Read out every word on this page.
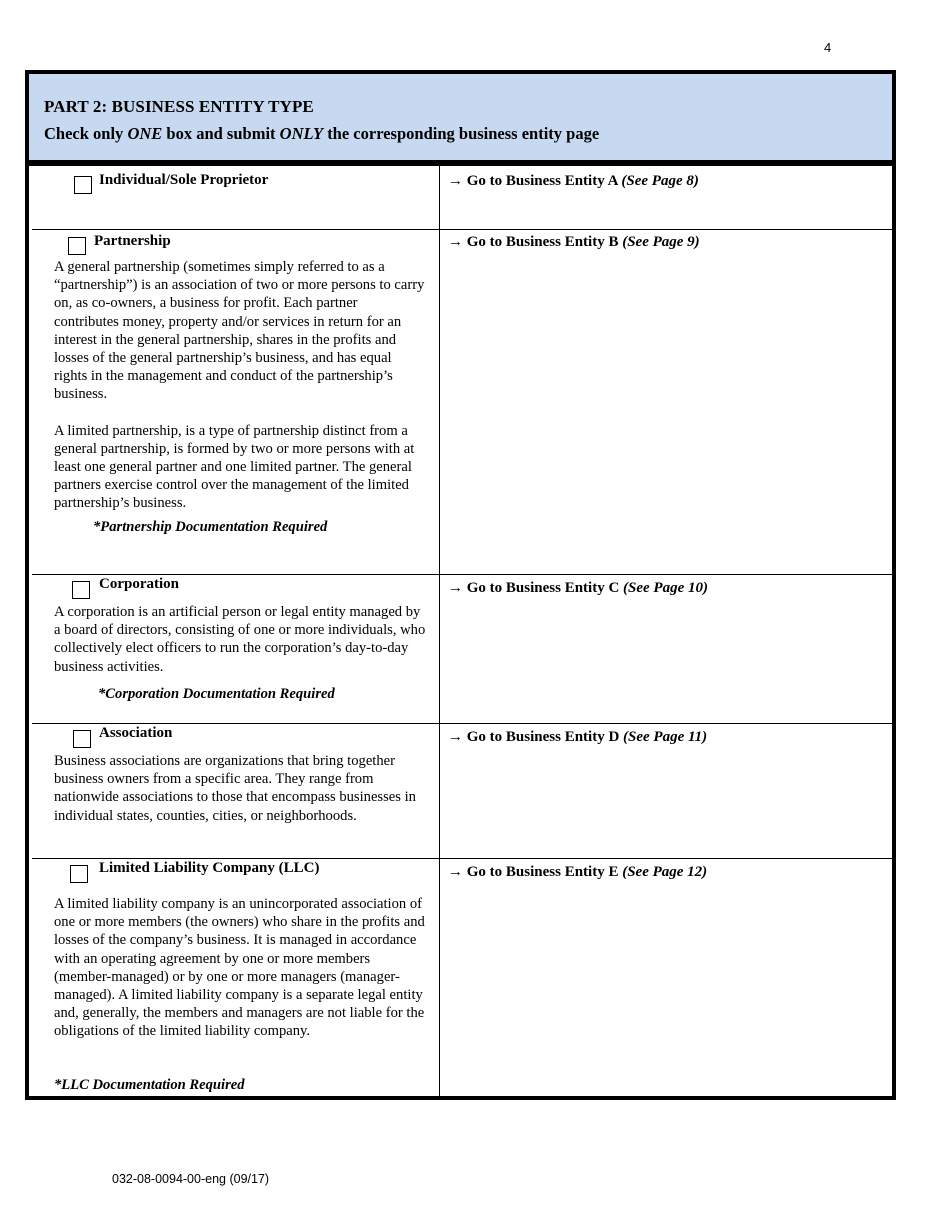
4
PART 2: BUSINESS ENTITY TYPE
Check only ONE box and submit ONLY the corresponding business entity page
Individual/Sole Proprietor	→ Go to Business Entity A (See Page 8)
Partnership

A general partnership (sometimes simply referred to as a “partnership”) is an association of two or more persons to carry on, as co-owners, a business for profit. Each partner contributes money, property and/or services in return for an interest in the general partnership, shares in the profits and losses of the general partnership’s business, and has equal rights in the management and conduct of the partnership’s business.

A limited partnership, is a type of partnership distinct from a general partnership, is formed by two or more persons with at least one general partner and one limited partner. The general partners exercise control over the management of the limited partnership’s business.

*Partnership Documentation Required
→ Go to Business Entity B (See Page 9)
Corporation

A corporation is an artificial person or legal entity managed by a board of directors, consisting of one or more individuals, who collectively elect officers to run the corporation’s day-to-day business activities.

*Corporation Documentation Required
→ Go to Business Entity C (See Page 10)
Association

Business associations are organizations that bring together business owners from a specific area. They range from nationwide associations to those that encompass businesses in individual states, counties, cities, or neighborhoods.

→ Go to Business Entity D (See Page 11)
Limited Liability Company (LLC)

A limited liability company is an unincorporated association of one or more members (the owners) who share in the profits and losses of the company’s business. It is managed in accordance with an operating agreement by one or more members (member-managed) or by one or more managers (manager-managed). A limited liability company is a separate legal entity and, generally, the members and managers are not liable for the obligations of the limited liability company.

*LLC Documentation Required
→ Go to Business Entity E (See Page 12)
032-08-0094-00-eng (09/17)
